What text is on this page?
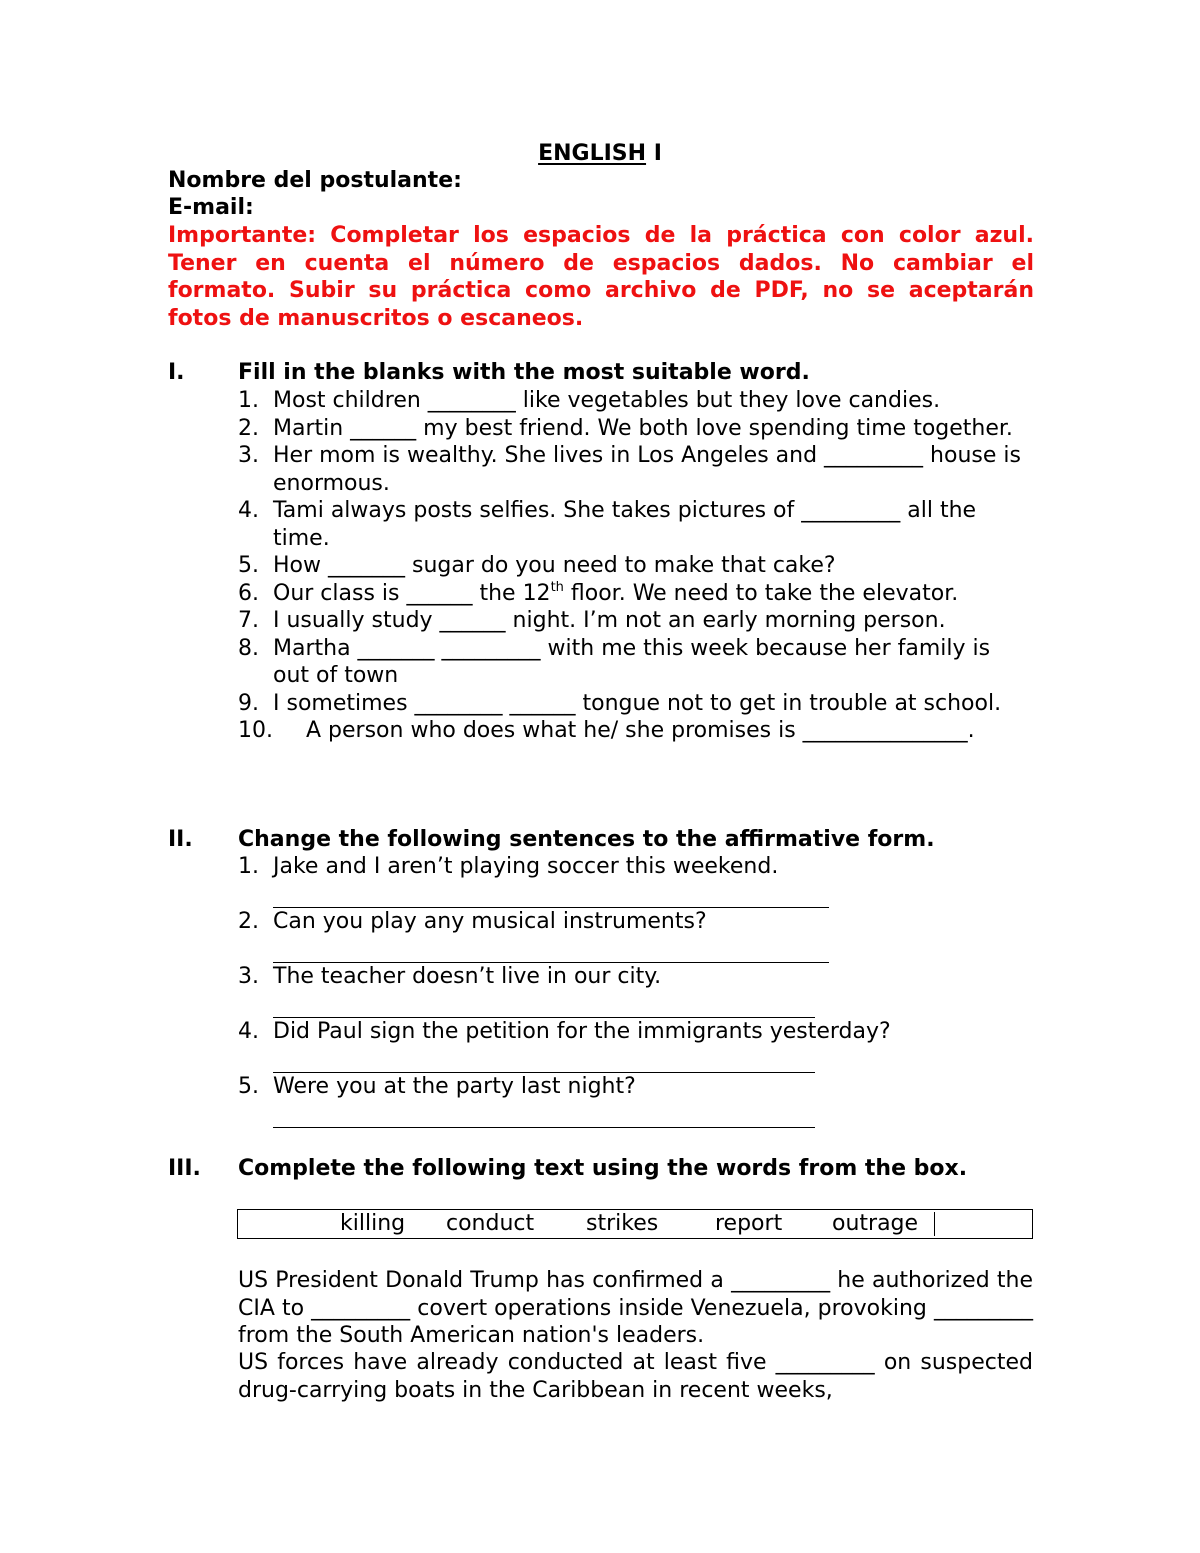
ENGLISH I
Nombre del postulante:
E-mail:
Importante: Completar los espacios de la práctica con color azul. Tener en cuenta el número de espacios dados. No cambiar el formato. Subir su práctica como archivo de PDF, no se aceptarán fotos de manuscritos o escaneos.
I. Fill in the blanks with the most suitable word.
1. Most children ________ like vegetables but they love candies.
2. Martin ______ my best friend. We both love spending time together.
3. Her mom is wealthy. She lives in Los Angeles and _________ house is enormous.
4. Tami always posts selfies. She takes pictures of _________ all the time.
5. How _______ sugar do you need to make that cake?
6. Our class is ______ the 12th floor. We need to take the elevator.
7. I usually study ______ night. I’m not an early morning person.
8. Martha _______ _________ with me this week because her family is out of town
9. I sometimes ________ ______ tongue not to get in trouble at school.
10.	A person who does what he/ she promises is _______________.
II. Change the following sentences to the affirmative form.
1. Jake and I aren’t playing soccer this weekend.
2. Can you play any musical instruments?
3. The teacher doesn’t live in our city.
4. Did Paul sign the petition for the immigrants yesterday?
5. Were you at the party last night?
III. Complete the following text using the words from the box.
killing conduct strikes	report outrage
US President Donald Trump has confirmed a _________ he authorized the CIA to _________ covert operations inside Venezuela, provoking _________ from the South American nation's leaders.
US forces have already conducted at least five _________ on suspected drug-carrying boats in the Caribbean in recent weeks,
